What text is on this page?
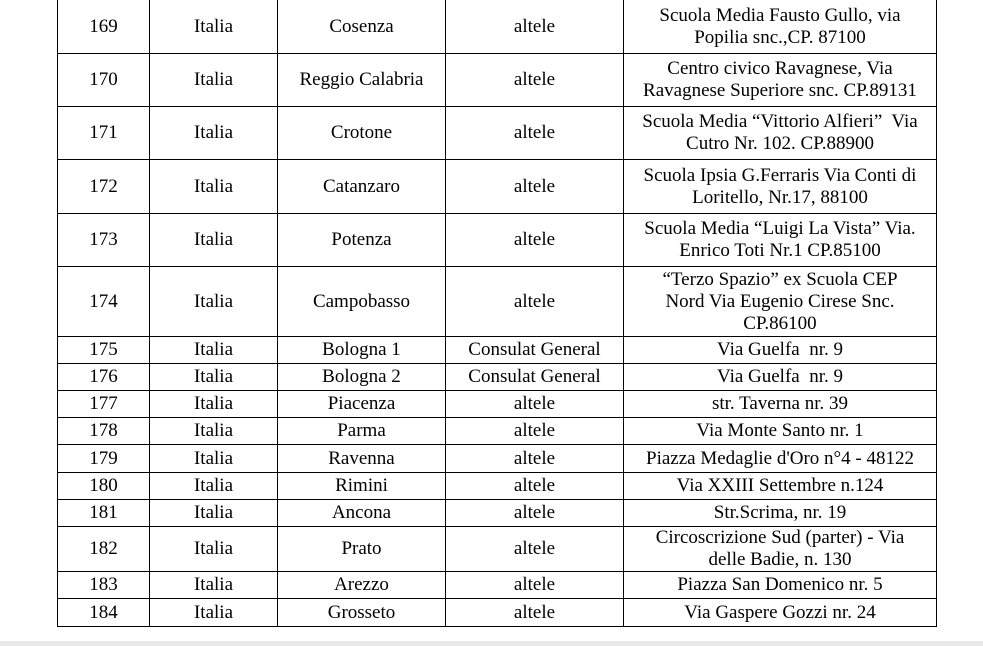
169	Italia	Cosenza	altele	Scuola Media Fausto Gullo, via
Popilia snc.,CP. 87100

170	Italia	Reggio Calabria	altele	Centro civico Ravagnese, Via
Ravagnese Superiore snc. CP.89131

171	Italia	Crotone	altele	Scuola Media “Vittorio Alfieri”  Via
Cutro Nr. 102. CP.88900

172	Italia	Catanzaro	altele	Scuola Ipsia G.Ferraris Via Conti di
Loritello, Nr.17, 88100

173	Italia	Potenza	altele	Scuola Media “Luigi La Vista” Via.
Enrico Toti Nr.1 CP.85100

174	Italia	Campobasso	altele	“Terzo Spazio” ex Scuola CEP
Nord Via Eugenio Cirese Snc.
CP.86100

175	Italia	Bologna 1	Consulat General	Via Guelfa  nr. 9

176	Italia	Bologna 2	Consulat General	Via Guelfa  nr. 9

177	Italia	Piacenza	altele	str. Taverna nr. 39

178	Italia	Parma	altele	Via Monte Santo nr. 1

179	Italia	Ravenna	altele	Piazza Medaglie d'Oro n°4 - 48122

180	Italia	Rimini	altele	Via XXIII Settembre n.124

181	Italia	Ancona	altele	Str.Scrima, nr. 19

182	Italia	Prato	altele	Circoscrizione Sud (parter) - Via
delle Badie, n. 130

183	Italia	Arezzo	altele	Piazza San Domenico nr. 5

184	Italia	Grosseto	altele	Via Gaspere Gozzi nr. 24
